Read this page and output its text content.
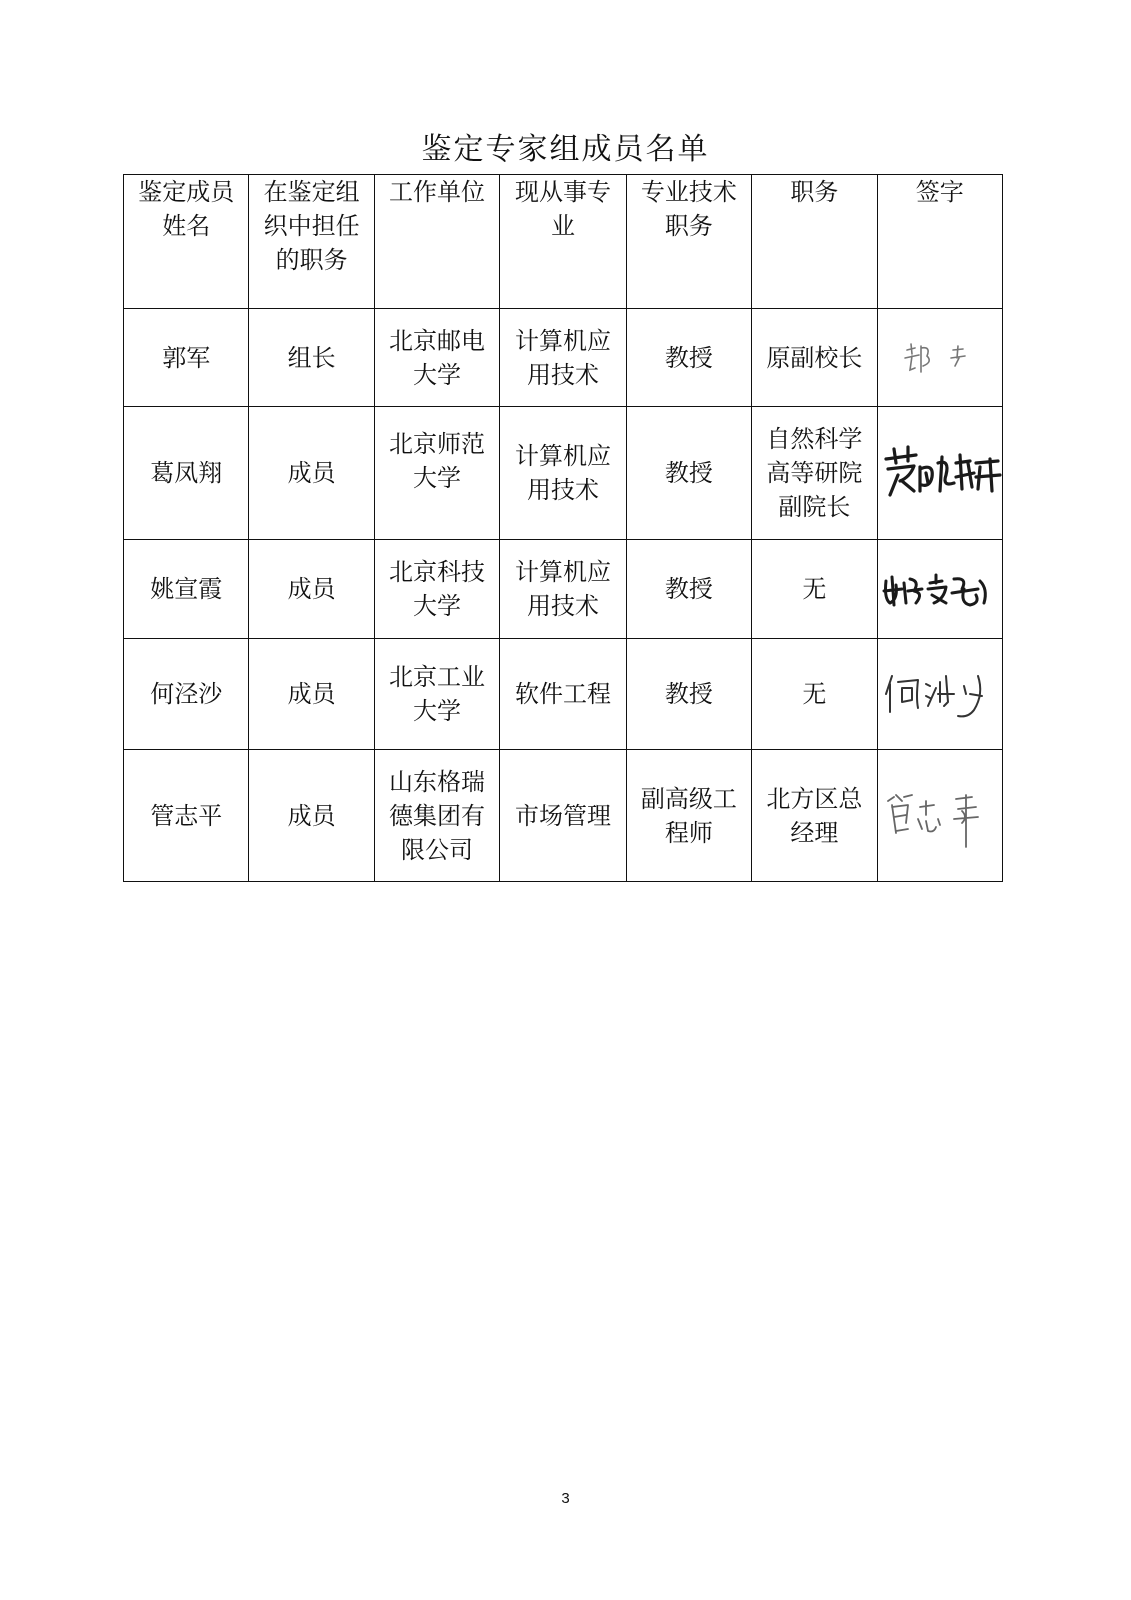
鉴定专家组成员名单
鉴定成员姓名	在鉴定组织中担任的职务	工作单位	现从事专业	专业技术职务	职务	签字

郭军	组长	北京邮电大学	计算机应用技术	教授	原副校长

葛凤翔	成员	北京师范大学	计算机应用技术	教授	自然科学高等研院副院长

姚宣霞	成员	北京科技大学	计算机应用技术	教授	无

何泾沙	成员	北京工业大学	软件工程	教授	无

管志平	成员	山东格瑞德集团有限公司	市场管理	副高级工程师	北方区总经理

3
